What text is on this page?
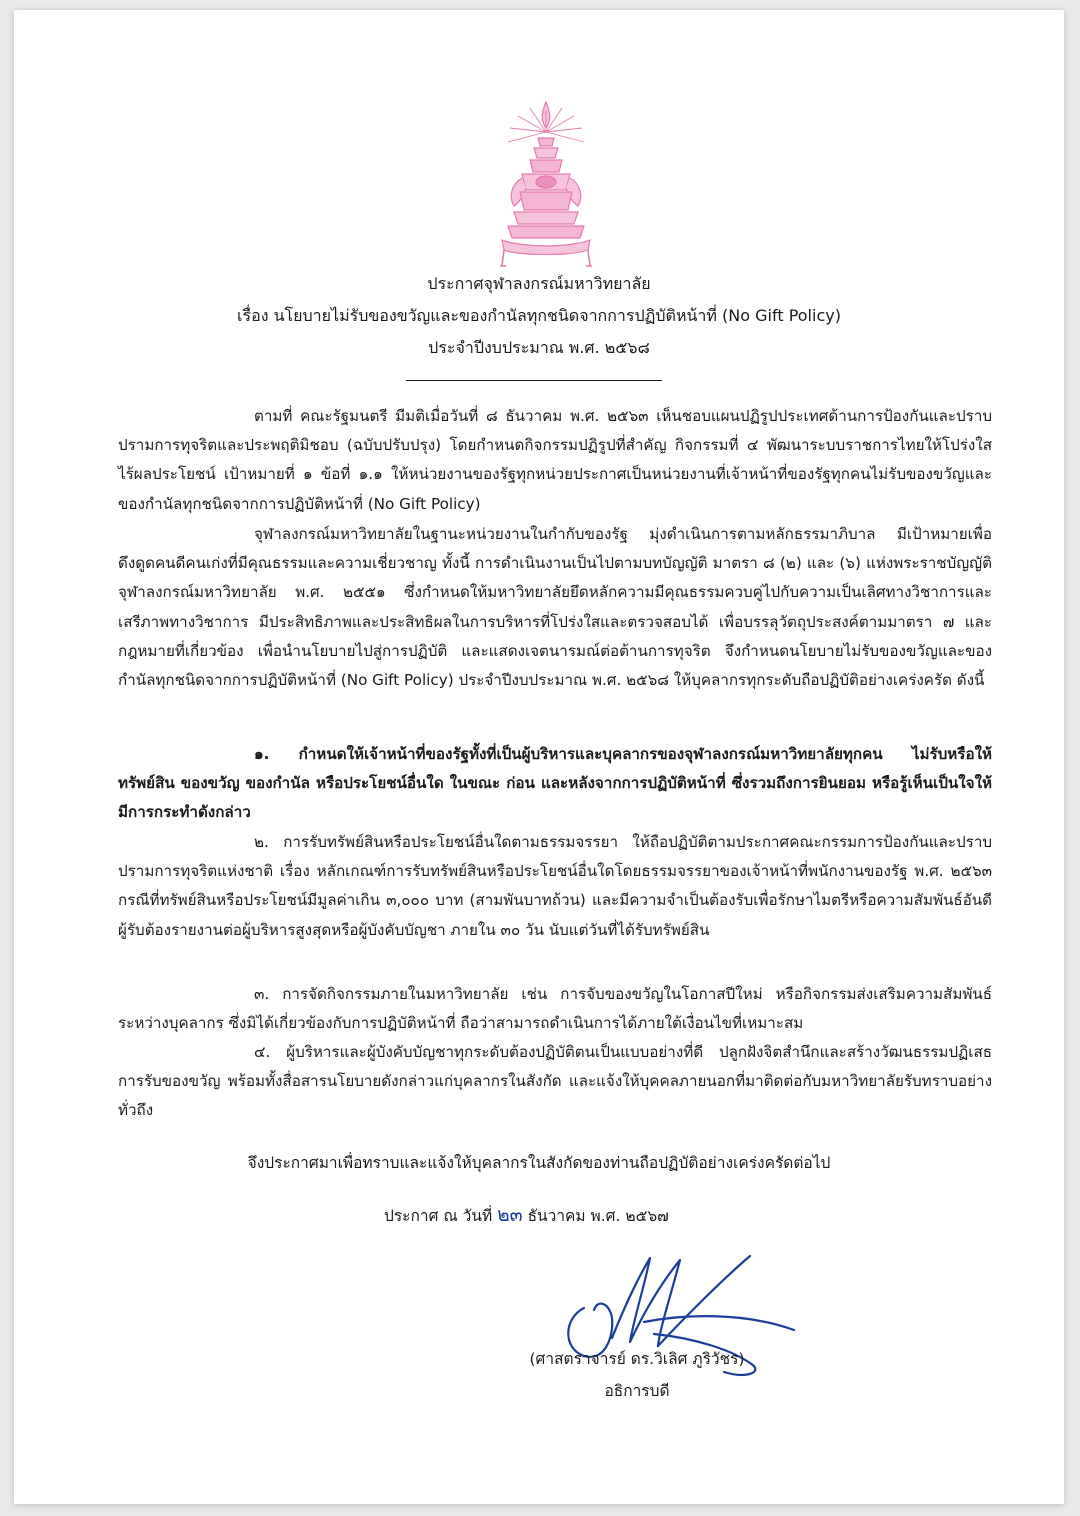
ประกาศจุฬาลงกรณ์มหาวิทยาลัย
เรื่อง นโยบายไม่รับของขวัญและของกำนัลทุกชนิดจากการปฏิบัติหน้าที่ (No Gift Policy)
ประจำปีงบประมาณ พ.ศ. ๒๕๖๘

ตามที่ คณะรัฐมนตรี มีมติเมื่อวันที่ ๘ ธันวาคม พ.ศ. ๒๕๖๓ เห็นชอบแผนปฏิรูปประเทศด้านการป้องกันและปราบปรามการทุจริตและประพฤติมิชอบ (ฉบับปรับปรุง) โดยกำหนดกิจกรรมปฏิรูปที่สำคัญ กิจกรรมที่ ๔ พัฒนาระบบราชการไทยให้โปร่งใส ไร้ผลประโยชน์ เป้าหมายที่ ๑ ข้อที่ ๑.๑ ให้หน่วยงานของรัฐทุกหน่วยประกาศเป็นหน่วยงานที่เจ้าหน้าที่ของรัฐทุกคนไม่รับของขวัญและของกำนัลทุกชนิดจากการปฏิบัติหน้าที่ (No Gift Policy)

จุฬาลงกรณ์มหาวิทยาลัยในฐานะหน่วยงานในกำกับของรัฐ มุ่งดำเนินการตามหลักธรรมาภิบาล มีเป้าหมายเพื่อดึงดูดคนดีคนเก่งที่มีคุณธรรมและความเชี่ยวชาญ ทั้งนี้ การดำเนินงานเป็นไปตามบทบัญญัติ มาตรา ๘ (๒) และ (๖) แห่งพระราชบัญญัติจุฬาลงกรณ์มหาวิทยาลัย พ.ศ. ๒๕๕๑ ซึ่งกำหนดให้มหาวิทยาลัยยึดหลักความมีคุณธรรมควบคู่ไปกับความเป็นเลิศทางวิชาการและเสรีภาพทางวิชาการ มีประสิทธิภาพและประสิทธิผลในการบริหารที่โปร่งใสและตรวจสอบได้ เพื่อบรรลุวัตถุประสงค์ตามมาตรา ๗ และกฎหมายที่เกี่ยวข้อง เพื่อนำนโยบายไปสู่การปฏิบัติ และแสดงเจตนารมณ์ต่อต้านการทุจริต จึงกำหนดนโยบายไม่รับของขวัญและของกำนัลทุกชนิดจากการปฏิบัติหน้าที่ (No Gift Policy) ประจำปีงบประมาณ พ.ศ. ๒๕๖๘ ให้บุคลากรทุกระดับถือปฏิบัติอย่างเคร่งครัด ดังนี้

๑. กำหนดให้เจ้าหน้าที่ของรัฐทั้งที่เป็นผู้บริหารและบุคลากรของจุฬาลงกรณ์มหาวิทยาลัยทุกคน ไม่รับหรือให้ทรัพย์สิน ของขวัญ ของกำนัล หรือประโยชน์อื่นใด ในขณะ ก่อน และหลังจากการปฏิบัติหน้าที่ ซึ่งรวมถึงการยินยอม หรือรู้เห็นเป็นใจให้มีการกระทำดังกล่าว

๒. การรับทรัพย์สินหรือประโยชน์อื่นใดตามธรรมจรรยา ให้ถือปฏิบัติตามประกาศคณะกรรมการป้องกันและปราบปรามการทุจริตแห่งชาติ เรื่อง หลักเกณฑ์การรับทรัพย์สินหรือประโยชน์อื่นใดโดยธรรมจรรยาของเจ้าหน้าที่พนักงานของรัฐ พ.ศ. ๒๕๖๓ กรณีที่ทรัพย์สินหรือประโยชน์มีมูลค่าเกิน ๓,๐๐๐ บาท (สามพันบาทถ้วน) และมีความจำเป็นต้องรับเพื่อรักษาไมตรีหรือความสัมพันธ์อันดี ผู้รับต้องรายงานต่อผู้บริหารสูงสุดหรือผู้บังคับบัญชา ภายใน ๓๐ วัน นับแต่วันที่ได้รับทรัพย์สิน

๓. การจัดกิจกรรมภายในมหาวิทยาลัย เช่น การจับของขวัญในโอกาสปีใหม่ หรือกิจกรรมส่งเสริมความสัมพันธ์ระหว่างบุคลากร ซึ่งมิได้เกี่ยวข้องกับการปฏิบัติหน้าที่ ถือว่าสามารถดำเนินการได้ภายใต้เงื่อนไขที่เหมาะสม

๔. ผู้บริหารและผู้บังคับบัญชาทุกระดับต้องปฏิบัติตนเป็นแบบอย่างที่ดี ปลูกฝังจิตสำนึกและสร้างวัฒนธรรมปฏิเสธการรับของขวัญ พร้อมทั้งสื่อสารนโยบายดังกล่าวแก่บุคลากรในสังกัด และแจ้งให้บุคคลภายนอกที่มาติดต่อกับมหาวิทยาลัยรับทราบอย่างทั่วถึง

จึงประกาศมาเพื่อทราบและแจ้งให้บุคลากรในสังกัดของท่านถือปฏิบัติอย่างเคร่งครัดต่อไป
ประกาศ ณ วันที่ ๒๓ ธันวาคม พ.ศ. ๒๕๖๗
(ศาสตราจารย์ ดร.วิเลิศ ภูริวัชร)
อธิการบดี
